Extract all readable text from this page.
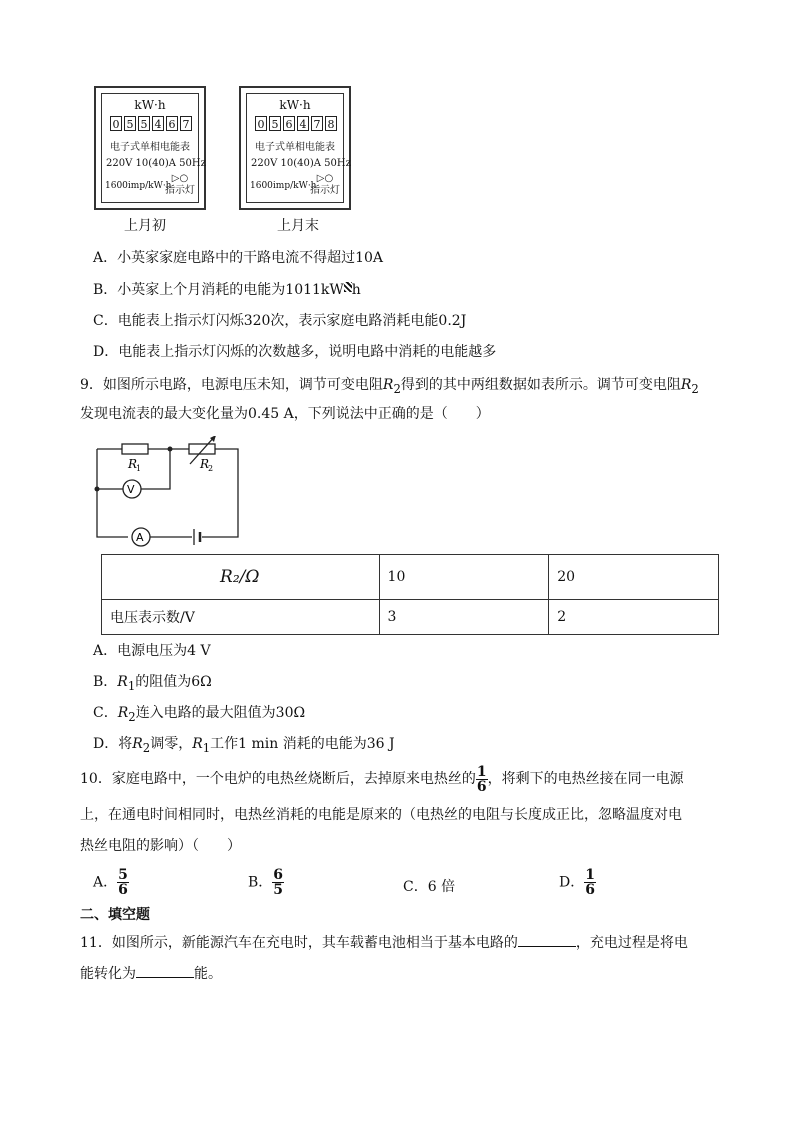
kW·h
0 5 5 4 6 7
电子式单相电能表
220V 10(40)A 50Hz
1600imp/kW·h
▷○
指示灯
上月初
kW·h
0 5 6 4 7 8
电子式单相电能表
220V 10(40)A 50Hz
1600imp/kW·h
▷○
指示灯
上月末
A．小英家家庭电路中的干路电流不得超过10A
B．小英家上个月消耗的电能为1011kW h
C．电能表上指示灯闪烁320次，表示家庭电路消耗电能0.2J
D．电能表上指示灯闪烁的次数越多，说明电路中消耗的电能越多
9．如图所示电路，电源电压未知，调节可变电阻$R_2$得到的其中两组数据如表所示。调节可变电阻$R_2$
发现电流表的最大变化量为0.45 A，下列说法中正确的是（　　）
R
1	R
2
V
A
R₂/Ω	10	20
电压表示数/V	3	2
A．电源电压为4 V
B．$R_1$的阻值为6Ω
C．$R_2$连入电路的最大阻值为30Ω
D．将$R_2$调零，$R_1$工作1 min 消耗的电能为36 J
10．家庭电路中，一个电炉的电热丝烧断后，去掉原来电热丝的 $\frac{1}{6}$ ，将剩下的电热丝接在同一电源
上，在通电时间相同时，电热丝消耗的电能是原来的（电热丝的电阻与长度成正比，忽略温度对电
热丝电阻的影响）（　　）
A． $\frac{5}{6}$	B． $\frac{6}{5}$	C．6 倍	D． $\frac{1}{6}$
二、填空题
11．如图所示，新能源汽车在充电时，其车载蓄电池相当于基本电路的	，充电过程是将电
能转化为	能。
